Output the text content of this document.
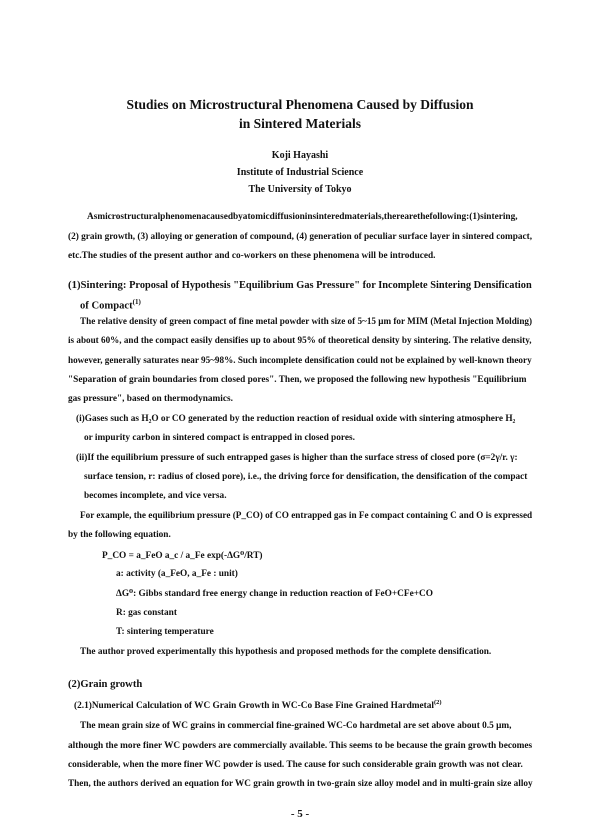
Studies on Microstructural Phenomena Caused by Diffusion
in Sintered Materials
Koji Hayashi
Institute of Industrial Science
The University of Tokyo
Asmicrostructuralphenomenacausedbyatomicdiffusioninsinteredmaterials,therearethefollowing:(1)sintering,
(2) grain growth, (3) alloying or generation of compound, (4) generation of peculiar surface layer in sintered compact,
etc.The studies of the present author and co-workers on these phenomena will be introduced.
(1)Sintering: Proposal of Hypothesis "Equilibrium Gas Pressure" for Incomplete Sintering Densification
of Compact$^{(1)}$
The relative density of green compact of fine metal powder with size of 5~15 μm for MIM (Metal Injection Molding)
is about 60%, and the compact easily densifies up to about 95% of theoretical density by sintering. The relative density,
however, generally saturates near 95~98%. Such incomplete densification could not be explained by well-known theory
"Separation of grain boundaries from closed pores". Then, we proposed the following new hypothesis "Equilibrium
gas pressure", based on thermodynamics.
(i)Gases such as H₂O or CO generated by the reduction reaction of residual oxide with sintering atmosphere H₂
or impurity carbon in sintered compact is entrapped in closed pores.
(ii)If the equilibrium pressure of such entrapped gases is higher than the surface stress of closed pore (σ=2γ/r. γ:
surface tension, r: radius of closed pore), i.e., the driving force for densification, the densification of the compact
becomes incomplete, and vice versa.
For example, the equilibrium pressure (P_CO) of CO entrapped gas in Fe compact containing C and O is expressed
by the following equation.
P_CO = a_FeO a_c / a_Fe exp(-ΔG⁰/RT)
a: activity (a_FeO, a_Fe : unit)
ΔG⁰: Gibbs standard free energy change in reduction reaction of FeO+CFe+CO
R: gas constant
T: sintering temperature
The author proved experimentally this hypothesis and proposed methods for the complete densification.
(2)Grain growth
(2.1)Numerical Calculation of WC Grain Growth in WC-Co Base Fine Grained Hardmetal$^{(2)}$
The mean grain size of WC grains in commercial fine-grained WC-Co hardmetal are set above about 0.5 μm,
although the more finer WC powders are commercially available. This seems to be because the grain growth becomes
considerable, when the more finer WC powder is used. The cause for such considerable grain growth was not clear.
Then, the authors derived an equation for WC grain growth in two-grain size alloy model and in multi-grain size alloy
- 5 -
